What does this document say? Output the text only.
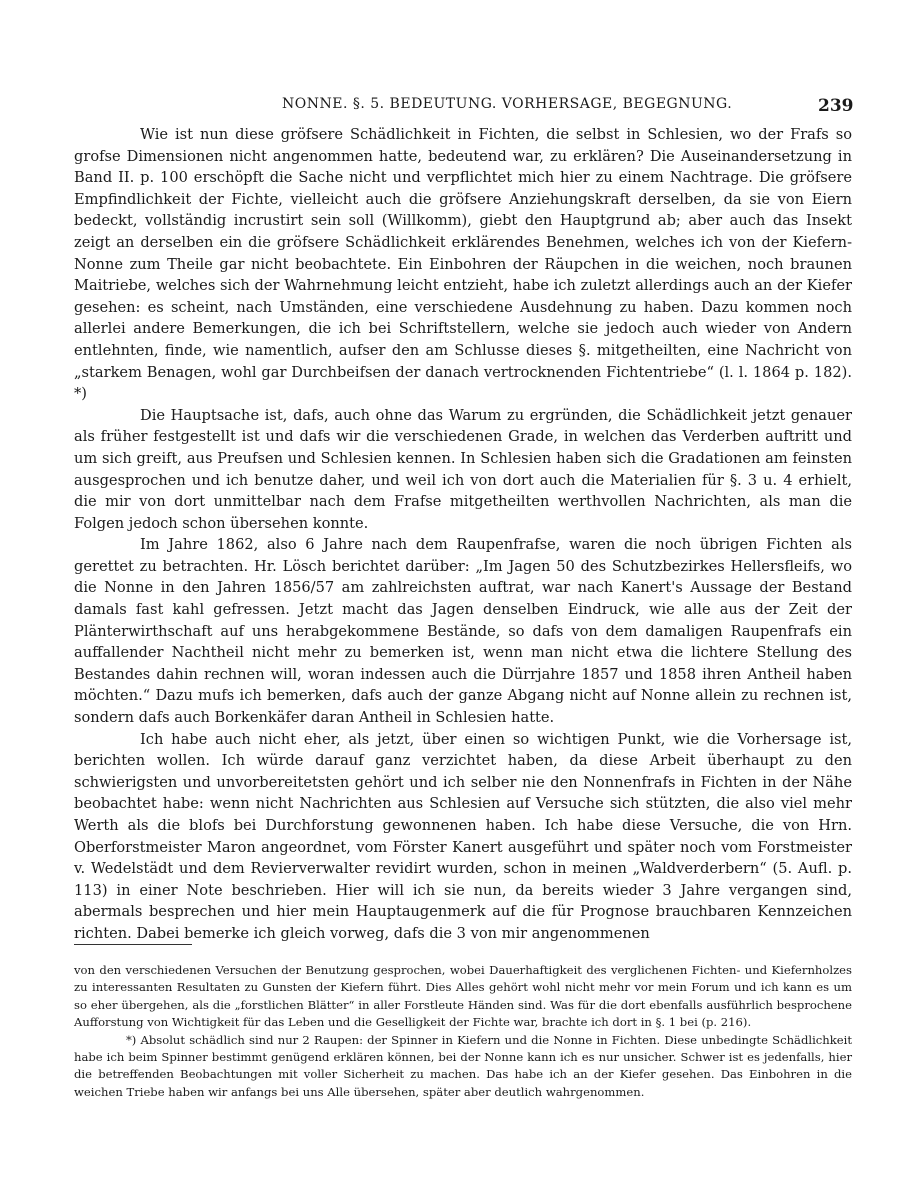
NONNE. §. 5. BEDEUTUNG. VORHERSAGE, BEGEGNUNG.	239

Wie ist nun diese gröfsere Schädlichkeit in Fichten, die selbst in Schlesien, wo der Frafs so grofse Dimensionen nicht angenommen hatte, bedeutend war, zu erklären? Die Auseinandersetzung in Band II. p. 100 erschöpft die Sache nicht und verpflichtet mich hier zu einem Nachtrage. Die gröfsere Empfindlichkeit der Fichte, vielleicht auch die gröfsere Anziehungskraft derselben, da sie von Eiern bedeckt, vollständig incrustirt sein soll (Willkomm), giebt den Hauptgrund ab; aber auch das Insekt zeigt an derselben ein die gröfsere Schädlichkeit erklärendes Benehmen, welches ich von der Kiefern-Nonne zum Theile gar nicht beobachtete. Ein Einbohren der Räupchen in die weichen, noch braunen Maitriebe, welches sich der Wahrnehmung leicht entzieht, habe ich zuletzt allerdings auch an der Kiefer gesehen: es scheint, nach Umständen, eine verschiedene Ausdehnung zu haben. Dazu kommen noch allerlei andere Bemerkungen, die ich bei Schriftstellern, welche sie jedoch auch wieder von Andern entlehnten, finde, wie namentlich, aufser den am Schlusse dieses §. mitgetheilten, eine Nachricht von „starkem Benagen, wohl gar Durchbeifsen der danach vertrocknenden Fichtentriebe“ (l. l. 1864 p. 182). *)

Die Hauptsache ist, dafs, auch ohne das Warum zu ergründen, die Schädlichkeit jetzt genauer als früher festgestellt ist und dafs wir die verschiedenen Grade, in welchen das Verderben auftritt und um sich greift, aus Preufsen und Schlesien kennen. In Schlesien haben sich die Gradationen am feinsten ausgesprochen und ich benutze daher, und weil ich von dort auch die Materialien für §. 3 u. 4 erhielt, die mir von dort unmittelbar nach dem Frafse mitgetheilten werthvollen Nachrichten, als man die Folgen jedoch schon übersehen konnte.

Im Jahre 1862, also 6 Jahre nach dem Raupenfrafse, waren die noch übrigen Fichten als gerettet zu betrachten. Hr. Lösch berichtet darüber: „Im Jagen 50 des Schutzbezirkes Hellersfleifs, wo die Nonne in den Jahren 1856/57 am zahlreichsten auftrat, war nach Kanert's Aussage der Bestand damals fast kahl gefressen. Jetzt macht das Jagen denselben Eindruck, wie alle aus der Zeit der Plänterwirthschaft auf uns herabgekommene Bestände, so dafs von dem damaligen Raupenfrafs ein auffallender Nachtheil nicht mehr zu bemerken ist, wenn man nicht etwa die lichtere Stellung des Bestandes dahin rechnen will, woran indessen auch die Dürrjahre 1857 und 1858 ihren Antheil haben möchten.“ Dazu mufs ich bemerken, dafs auch der ganze Abgang nicht auf Nonne allein zu rechnen ist, sondern dafs auch Borkenkäfer daran Antheil in Schlesien hatte.

Ich habe auch nicht eher, als jetzt, über einen so wichtigen Punkt, wie die Vorhersage ist, berichten wollen. Ich würde darauf ganz verzichtet haben, da diese Arbeit überhaupt zu den schwierigsten und unvorbereitetsten gehört und ich selber nie den Nonnenfrafs in Fichten in der Nähe beobachtet habe: wenn nicht Nachrichten aus Schlesien auf Versuche sich stützten, die also viel mehr Werth als die blofs bei Durchforstung gewonnenen haben. Ich habe diese Versuche, die von Hrn. Oberforstmeister Maron angeordnet, vom Förster Kanert ausgeführt und später noch vom Forstmeister v. Wedelstädt und dem Revierverwalter revidirt wurden, schon in meinen „Waldverderbern“ (5. Aufl. p. 113) in einer Note beschrieben. Hier will ich sie nun, da bereits wieder 3 Jahre vergangen sind, abermals besprechen und hier mein Hauptaugenmerk auf die für Prognose brauchbaren Kennzeichen richten. Dabei bemerke ich gleich vorweg, dafs die 3 von mir angenommenen

von den verschiedenen Versuchen der Benutzung gesprochen, wobei Dauerhaftigkeit des verglichenen Fichten- und Kiefernholzes zu interessanten Resultaten zu Gunsten der Kiefern führt. Dies Alles gehört wohl nicht mehr vor mein Forum und ich kann es um so eher übergehen, als die „forstlichen Blätter“ in aller Forstleute Händen sind. Was für die dort ebenfalls ausführlich besprochene Aufforstung von Wichtigkeit für das Leben und die Geselligkeit der Fichte war, brachte ich dort in §. 1 bei (p. 216).

*) Absolut schädlich sind nur 2 Raupen: der Spinner in Kiefern und die Nonne in Fichten. Diese unbedingte Schädlichkeit habe ich beim Spinner bestimmt genügend erklären können, bei der Nonne kann ich es nur unsicher. Schwer ist es jedenfalls, hier die betreffenden Beobachtungen mit voller Sicherheit zu machen. Das habe ich an der Kiefer gesehen. Das Einbohren in die weichen Triebe haben wir anfangs bei uns Alle übersehen, später aber deutlich wahrgenommen.
